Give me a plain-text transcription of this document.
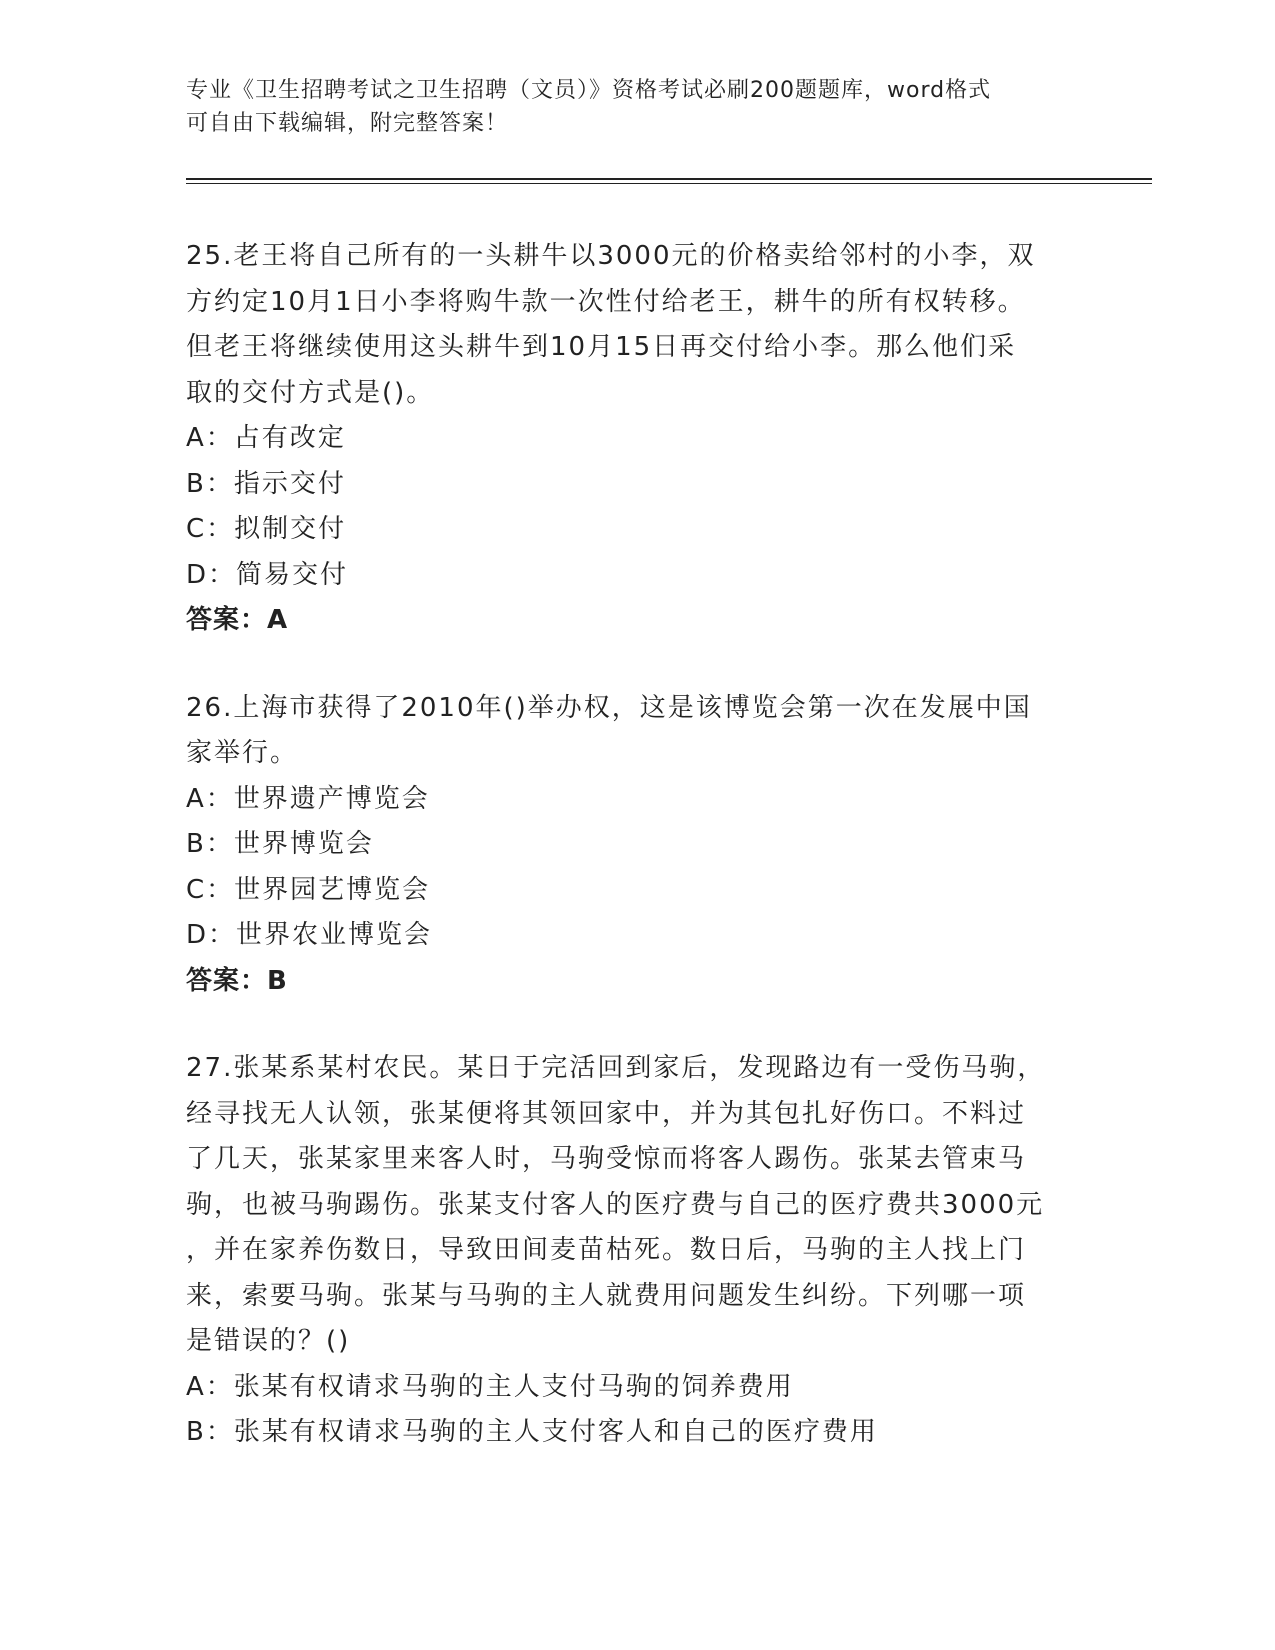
专业《卫生招聘考试之卫生招聘（文员）》资格考试必刷200题题库，word格式
可自由下载编辑，附完整答案！
25.老王将自己所有的一头耕牛以3000元的价格卖给邻村的小李，双
方约定10月1日小李将购牛款一次性付给老王，耕牛的所有权转移。
但老王将继续使用这头耕牛到10月15日再交付给小李。那么他们采
取的交付方式是()。
A：占有改定
B：指示交付
C：拟制交付
D：简易交付
答案：A
26.上海市获得了2010年()举办权，这是该博览会第一次在发展中国
家举行。
A：世界遗产博览会
B：世界博览会
C：世界园艺博览会
D：世界农业博览会
答案：B
27.张某系某村农民。某日于完活回到家后，发现路边有一受伤马驹，
经寻找无人认领，张某便将其领回家中，并为其包扎好伤口。不料过
了几天，张某家里来客人时，马驹受惊而将客人踢伤。张某去管束马
驹，也被马驹踢伤。张某支付客人的医疗费与自己的医疗费共3000元
，并在家养伤数日，导致田间麦苗枯死。数日后，马驹的主人找上门
来，索要马驹。张某与马驹的主人就费用问题发生纠纷。下列哪一项
是错误的？()
A：张某有权请求马驹的主人支付马驹的饲养费用
B：张某有权请求马驹的主人支付客人和自己的医疗费用
